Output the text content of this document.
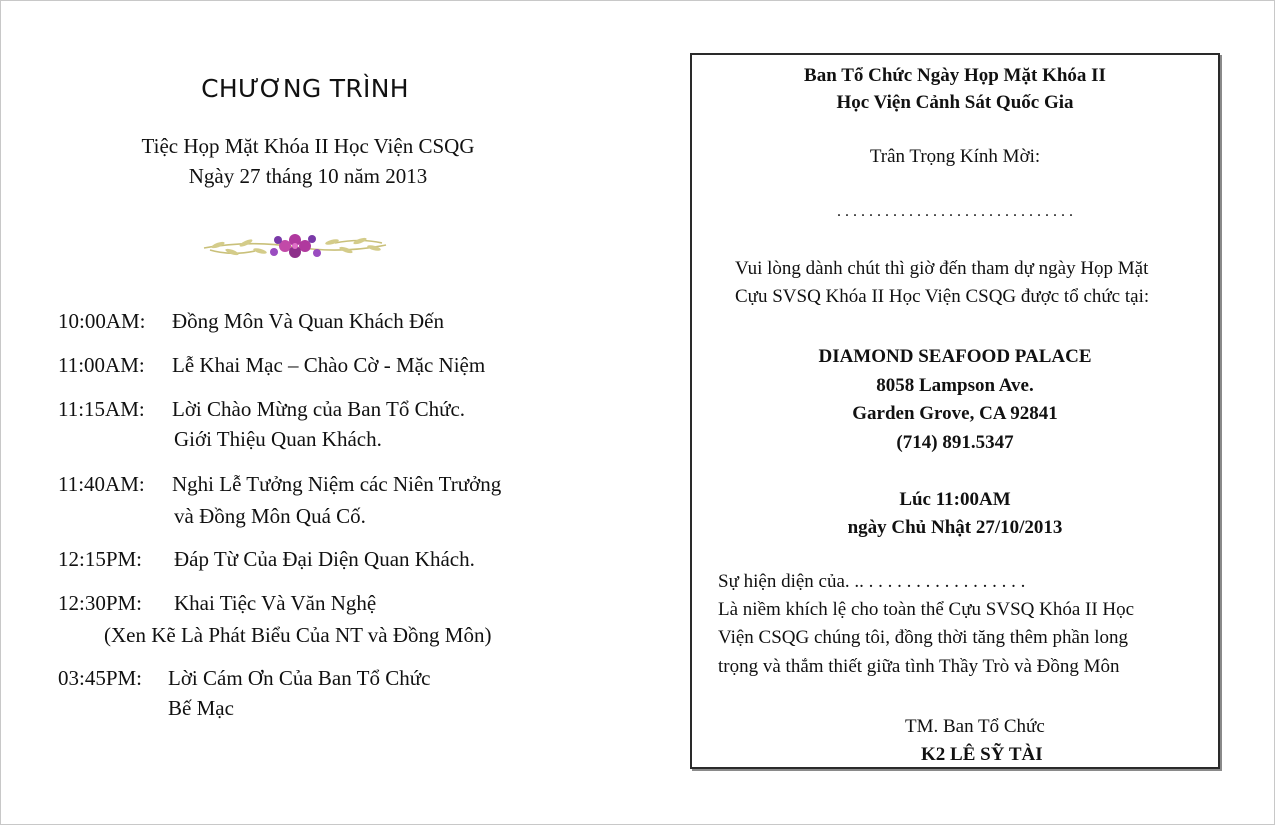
CHƯƠNG TRÌNH
Tiệc Họp Mặt Khóa II Học Viện CSQG
Ngày 27 tháng 10 năm 2013
10:00AM: Đồng Môn Và Quan Khách Đến
11:00AM: Lễ Khai Mạc – Chào Cờ - Mặc Niệm
11:15AM: Lời Chào Mừng của Ban Tổ Chức.
Giới Thiệu Quan Khách.
11:40AM: Nghi Lễ Tưởng Niệm các Niên Trưởng
và Đồng Môn Quá Cố.
12:15PM: Đáp Từ Của Đại Diện Quan Khách.
12:30PM: Khai Tiệc Và Văn Nghệ
(Xen Kẽ Là Phát Biểu Của NT và Đồng Môn)
03:45PM: Lời Cám Ơn Của Ban Tổ Chức
Bế Mạc
Ban Tổ Chức Ngày Họp Mặt Khóa II
Học Viện Cảnh Sát Quốc Gia
Trân Trọng Kính Mời:
. . . . . . . . . . . . . . . . . . . . . . . . . . . . . .
Vui lòng dành chút thì giờ đến tham dự ngày Họp Mặt
Cựu SVSQ Khóa II Học Viện CSQG được tổ chức tại:
DIAMOND SEAFOOD PALACE
8058 Lampson Ave.
Garden Grove, CA 92841
(714) 891.5347
Lúc 11:00AM
ngày Chủ Nhật 27/10/2013
Sự hiện diện của. .. . . . . . . . . . . . . . . . . .
Là niềm khích lệ cho toàn thể Cựu SVSQ Khóa II Học
Viện CSQG chúng tôi, đồng thời tăng thêm phần long
trọng và thắm thiết giữa tình Thầy Trò và Đồng Môn
TM. Ban Tổ Chức
K2 LÊ SỸ TÀI
